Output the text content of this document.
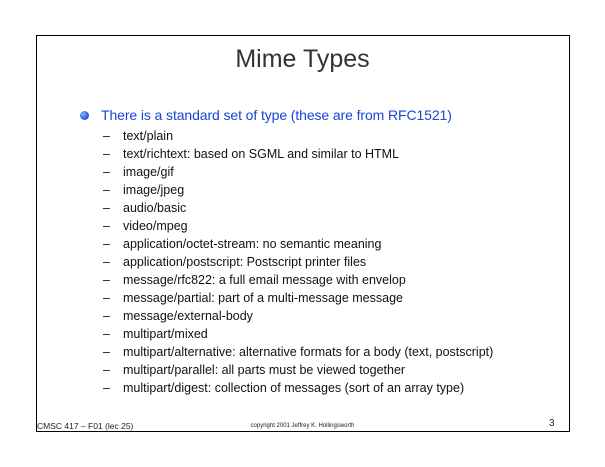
Mime Types
There is a standard set of type (these are from RFC1521)
–	text/plain
–	text/richtext: based on SGML and similar to HTML
–	image/gif
–	image/jpeg
–	audio/basic
–	video/mpeg
–	application/octet-stream: no semantic meaning
–	application/postscript: Postscript printer files
–	message/rfc822: a full email message with envelop
–	message/partial: part of a multi-message message
–	message/external-body
–	multipart/mixed
–	multipart/alternative: alternative formats for a body (text, postscript)
–	multipart/parallel: all parts must be viewed together
–	multipart/digest: collection of messages (sort of an array type)
CMSC 417 – F01 (lec 25)	copyright 2001 Jeffrey K. Hollingsworth	3
